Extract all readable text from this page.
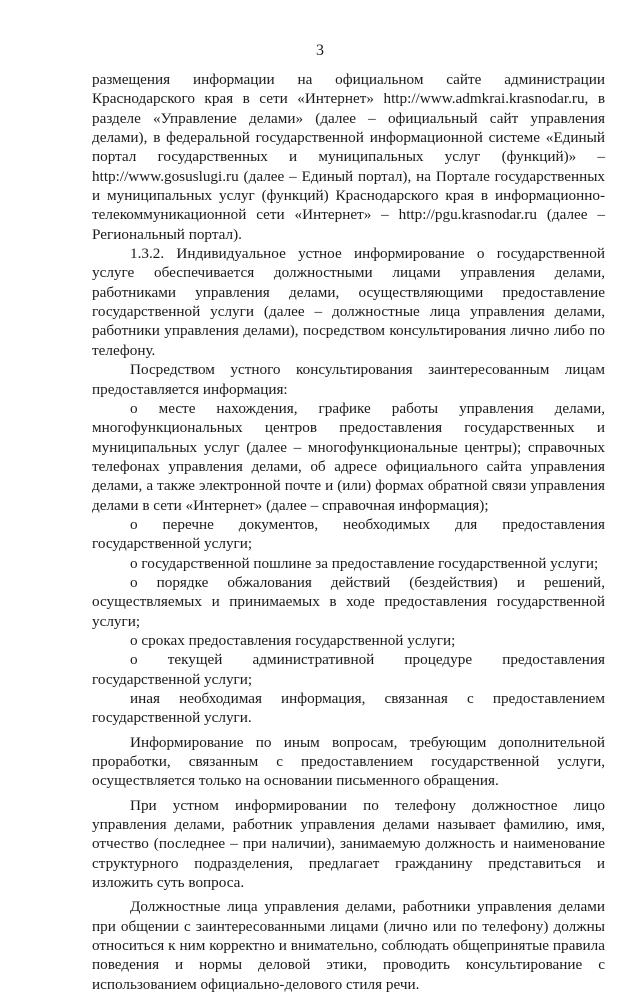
3

размещения информации на официальном сайте администрации Краснодарского края в сети «Интернет» http://www.admkrai.krasnodar.ru, в разделе «Управление делами» (далее – официальный сайт управления делами), в федеральной государственной информационной системе «Единый портал государственных и муниципальных услуг (функций)» – http://www.gosuslugi.ru (далее – Единый портал), на Портале государственных и муниципальных услуг (функций) Краснодарского края в информационно-телекоммуникационной сети «Интернет» – http://pgu.krasnodar.ru (далее – Региональный портал).

1.3.2. Индивидуальное устное информирование о государственной услуге обеспечивается должностными лицами управления делами, работниками управления делами, осуществляющими предоставление государственной услуги (далее – должностные лица управления делами, работники управления делами), посредством консультирования лично либо по телефону.

Посредством устного консультирования заинтересованным лицам предоставляется информация:

о месте нахождения, графике работы управления делами, многофункциональных центров предоставления государственных и муниципальных услуг (далее – многофункциональные центры); справочных телефонах управления делами, об адресе официального сайта управления делами, а также электронной почте и (или) формах обратной связи управления делами в сети «Интернет» (далее – справочная информация);

о перечне документов, необходимых для предоставления государственной услуги;

о государственной пошлине за предоставление государственной услуги;

о порядке обжалования действий (бездействия) и решений, осуществляемых и принимаемых в ходе предоставления государственной услуги;

о сроках предоставления государственной услуги;

о текущей административной процедуре предоставления государственной услуги;

иная необходимая информация, связанная с предоставлением государственной услуги.

Информирование по иным вопросам, требующим дополнительной проработки, связанным с предоставлением государственной услуги, осуществляется только на основании письменного обращения.

При устном информировании по телефону должностное лицо управления делами, работник управления делами называет фамилию, имя, отчество (последнее – при наличии), занимаемую должность и наименование структурного подразделения, предлагает гражданину представиться и изложить суть вопроса.

Должностные лица управления делами, работники управления делами при общении с заинтересованными лицами (лично или по телефону) должны относиться к ним корректно и внимательно, соблюдать общепринятые правила поведения и нормы деловой этики, проводить консультирование с использованием официально-делового стиля речи.
